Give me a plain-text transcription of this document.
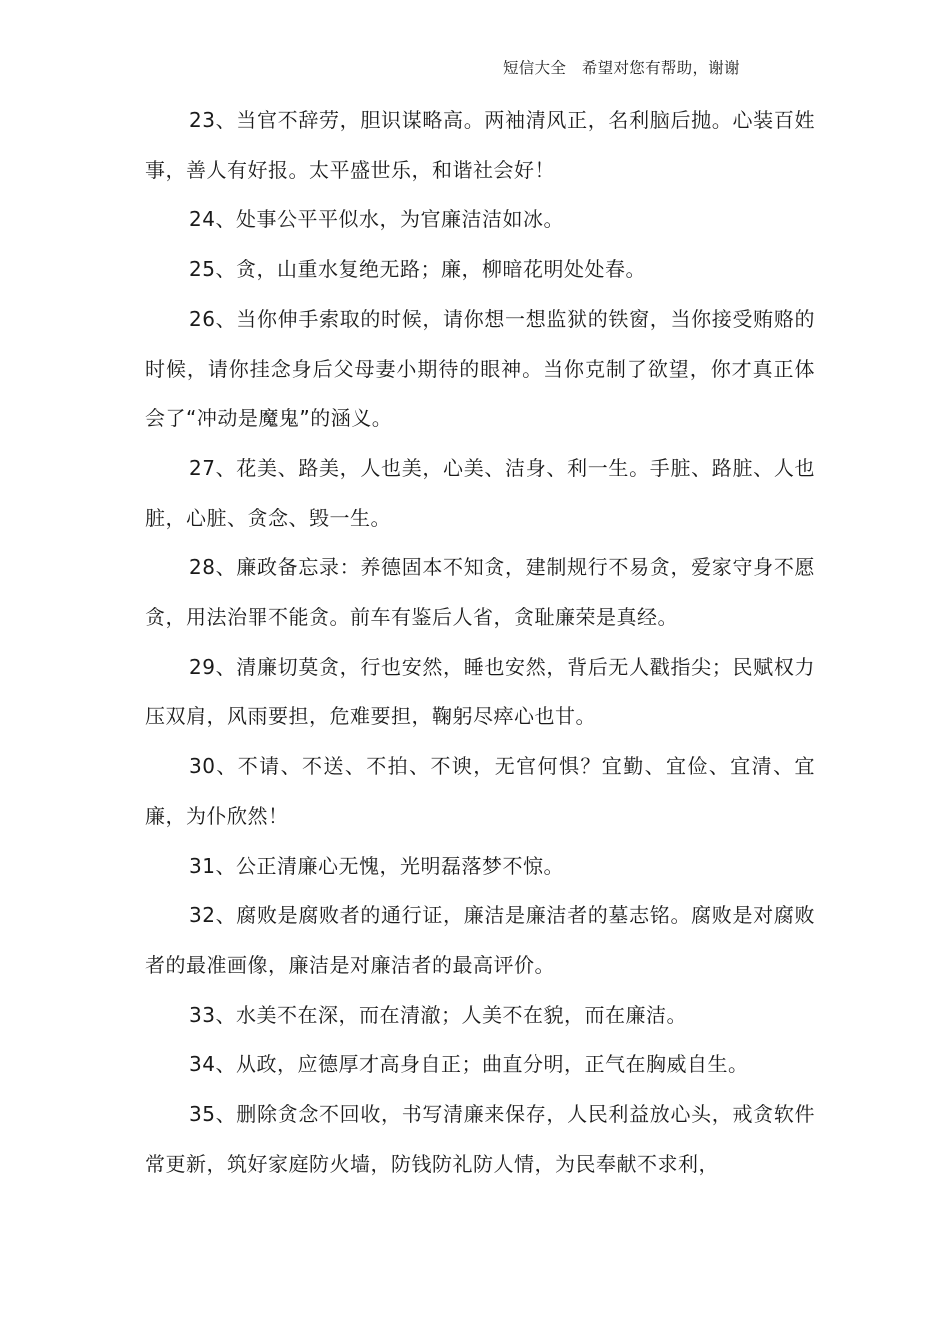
短信大全   希望对您有帮助，谢谢

23、当官不辞劳，胆识谋略高。两袖清风正，名利脑后抛。心装百姓事，善人有好报。太平盛世乐，和谐社会好！

24、处事公平平似水，为官廉洁洁如冰。

25、贪，山重水复绝无路；廉，柳暗花明处处春。

26、当你伸手索取的时候，请你想一想监狱的铁窗，当你接受贿赂的时候，请你挂念身后父母妻小期待的眼神。当你克制了欲望，你才真正体会了“冲动是魔鬼”的涵义。

27、花美、路美，人也美，心美、洁身、利一生。手脏、路脏、人也脏，心脏、贪念、毁一生。

28、廉政备忘录：养德固本不知贪，建制规行不易贪，爱家守身不愿贪，用法治罪不能贪。前车有鉴后人省，贪耻廉荣是真经。

29、清廉切莫贪，行也安然，睡也安然，背后无人戳指尖；民赋权力压双肩，风雨要担，危难要担，鞠躬尽瘁心也甘。

30、不请、不送、不拍、不谀，无官何惧？宜勤、宜俭、宜清、宜廉，为仆欣然！

31、公正清廉心无愧，光明磊落梦不惊。

32、腐败是腐败者的通行证，廉洁是廉洁者的墓志铭。腐败是对腐败者的最准画像，廉洁是对廉洁者的最高评价。

33、水美不在深，而在清澈；人美不在貌，而在廉洁。

34、从政，应德厚才高身自正；曲直分明，正气在胸威自生。

35、删除贪念不回收，书写清廉来保存，人民利益放心头，戒贪软件常更新，筑好家庭防火墙，防钱防礼防人情，为民奉献不求利，
